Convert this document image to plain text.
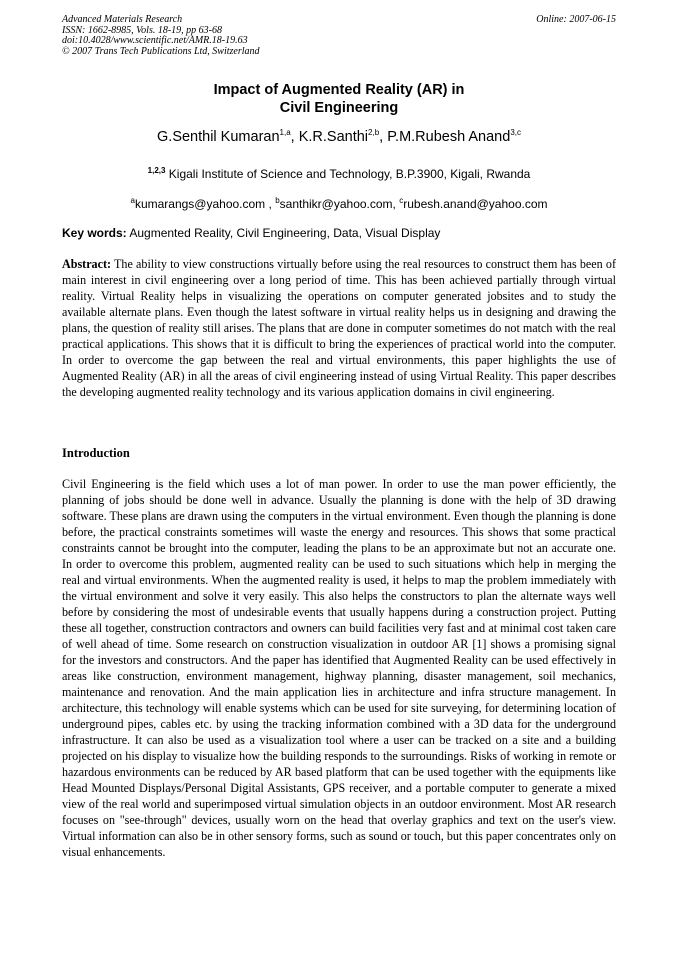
Advanced Materials Research
ISSN: 1662-8985, Vols. 18-19, pp 63-68
doi:10.4028/www.scientific.net/AMR.18-19.63
© 2007 Trans Tech Publications Ltd, Switzerland
Online: 2007-06-15
Impact of Augmented Reality (AR) in
Civil Engineering
G.Senthil Kumaran$^{1,a}$, K.R.Santhi$^{2,b}$, P.M.Rubesh Anand$^{3,c}$
$^{1,2,3}$ Kigali Institute of Science and Technology, B.P.3900, Kigali, Rwanda
$^a$kumarangs@yahoo.com , $^b$santhikr@yahoo.com, $^c$rubesh.anand@yahoo.com
Key words: Augmented Reality, Civil Engineering, Data, Visual Display

Abstract: The ability to view constructions virtually before using the real resources to construct them has been of main interest in civil engineering over a long period of time. This has been achieved partially through virtual reality. Virtual Reality helps in visualizing the operations on computer generated jobsites and to study the available alternate plans. Even though the latest software in virtual reality helps us in designing and drawing the plans, the question of reality still arises. The plans that are done in computer sometimes do not match with the real practical applications. This shows that it is difficult to bring the experiences of practical world into the computer. In order to overcome the gap between the real and virtual environments, this paper highlights the use of Augmented Reality (AR) in all the areas of civil engineering instead of using Virtual Reality. This paper describes the developing augmented reality technology and its various application domains in civil engineering.

Introduction

Civil Engineering is the field which uses a lot of man power. In order to use the man power efficiently, the planning of jobs should be done well in advance. Usually the planning is done with the help of 3D drawing software. These plans are drawn using the computers in the virtual environment. Even though the planning is done before, the practical constraints sometimes will waste the energy and resources. This shows that some practical constraints cannot be brought into the computer, leading the plans to be an approximate but not an accurate one. In order to overcome this problem, augmented reality can be used to such situations which help in merging the real and virtual environments. When the augmented reality is used, it helps to map the problem immediately with the virtual environment and solve it very easily. This also helps the constructors to plan the alternate ways well before by considering the most of undesirable events that usually happens during a construction project. Putting these all together, construction contractors and owners can build facilities very fast and at minimal cost taken care of well ahead of time. Some research on construction visualization in outdoor AR [1] shows a promising signal for the investors and constructors. And the paper has identified that Augmented Reality can be used effectively in areas like construction, environment management, highway planning, disaster management, soil mechanics, maintenance and renovation. And the main application lies in architecture and infra structure management. In architecture, this technology will enable systems which can be used for site surveying, for determining location of underground pipes, cables etc. by using the tracking information combined with a 3D data for the underground infrastructure. It can also be used as a visualization tool where a user can be tracked on a site and a building projected on his display to visualize how the building responds to the surroundings. Risks of working in remote or hazardous environments can be reduced by AR based platform that can be used together with the equipments like Head Mounted Displays/Personal Digital Assistants, GPS receiver, and a portable computer to generate a mixed view of the real world and superimposed virtual simulation objects in an outdoor environment. Most AR research focuses on "see-through" devices, usually worn on the head that overlay graphics and text on the user's view. Virtual information can also be in other sensory forms, such as sound or touch, but this paper concentrates only on visual enhancements.
